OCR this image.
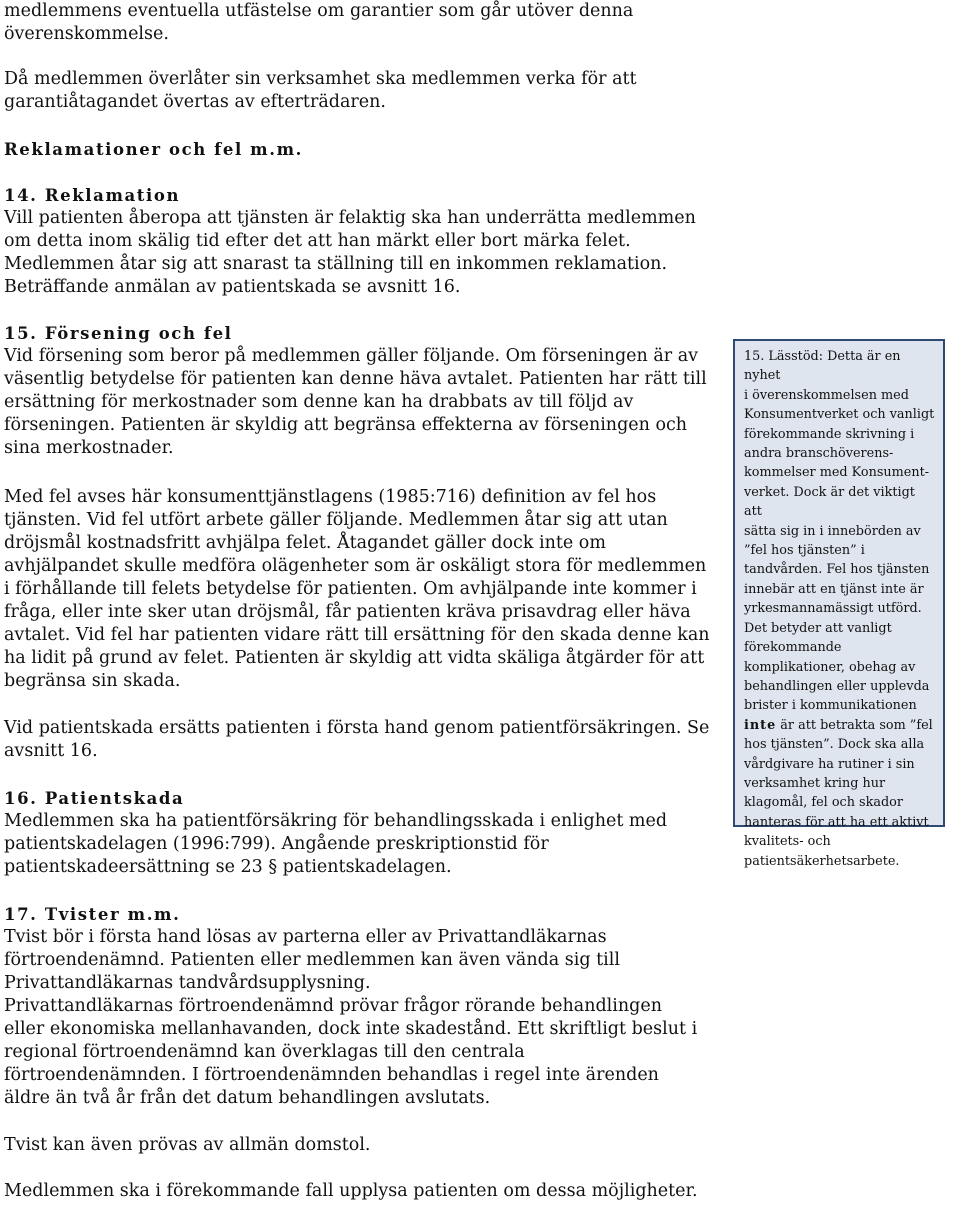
medlemmens eventuella utfästelse om garantier som går utöver denna
överenskommelse.

Då medlemmen överlåter sin verksamhet ska medlemmen verka för att
garantiåtagandet övertas av efterträdaren.

Reklamationer och fel m.m.
14. Reklamation

Vill patienten åberopa att tjänsten är felaktig ska han underrätta medlemmen
om detta inom skälig tid efter det att han märkt eller bort märka felet.
Medlemmen åtar sig att snarast ta ställning till en inkommen reklamation.
Beträffande anmälan av patientskada se avsnitt 16.

15. Försening och fel

Vid försening som beror på medlemmen gäller följande. Om förseningen är av
väsentlig betydelse för patienten kan denne häva avtalet. Patienten har rätt till
ersättning för merkostnader som denne kan ha drabbats av till följd av
förseningen. Patienten är skyldig att begränsa effekterna av förseningen och
sina merkostnader.

Med fel avses här konsumenttjänstlagens (1985:716) definition av fel hos
tjänsten. Vid fel utfört arbete gäller följande. Medlemmen åtar sig att utan
dröjsmål kostnadsfritt avhjälpa felet. Åtagandet gäller dock inte om
avhjälpandet skulle medföra olägenheter som är oskäligt stora för medlemmen
i förhållande till felets betydelse för patienten. Om avhjälpande inte kommer i
fråga, eller inte sker utan dröjsmål, får patienten kräva prisavdrag eller häva
avtalet. Vid fel har patienten vidare rätt till ersättning för den skada denne kan
ha lidit på grund av felet. Patienten är skyldig att vidta skäliga åtgärder för att
begränsa sin skada.

Vid patientskada ersätts patienten i första hand genom patientförsäkringen. Se
avsnitt 16.

16. Patientskada

Medlemmen ska ha patientförsäkring för behandlingsskada i enlighet med
patientskadelagen (1996:799). Angående preskriptionstid för
patientskadeersättning se 23 § patientskadelagen.

17. Tvister m.m.

Tvist bör i första hand lösas av parterna eller av Privattandläkarnas
förtroendenämnd. Patienten eller medlemmen kan även vända sig till
Privattandläkarnas tandvårdsupplysning.
Privattandläkarnas förtroendenämnd prövar frågor rörande behandlingen
eller ekonomiska mellanhavanden, dock inte skadestånd. Ett skriftligt beslut i
regional förtroendenämnd kan överklagas till den centrala
förtroendenämnden. I förtroendenämnden behandlas i regel inte ärenden
äldre än två år från det datum behandlingen avslutats.

Tvist kan även prövas av allmän domstol.

Medlemmen ska i förekommande fall upplysa patienten om dessa möjligheter.

15. Lässtöd: Detta är en nyhet
i överenskommelsen med
Konsumentverket och vanligt
förekommande skrivning i
andra branschöverens-
kommelser med Konsument-
verket. Dock är det viktigt att
sätta sig in i innebörden av
”fel hos tjänsten” i
tandvården. Fel hos tjänsten
innebär att en tjänst inte är
yrkesmannamässigt utförd.
Det betyder att vanligt
förekommande
komplikationer, obehag av
behandlingen eller upplevda
brister i kommunikationen
inte är att betrakta som ”fel
hos tjänsten”. Dock ska alla
vårdgivare ha rutiner i sin
verksamhet kring hur
klagomål, fel och skador
hanteras för att ha ett aktivt
kvalitets- och
patientsäkerhetsarbete.
